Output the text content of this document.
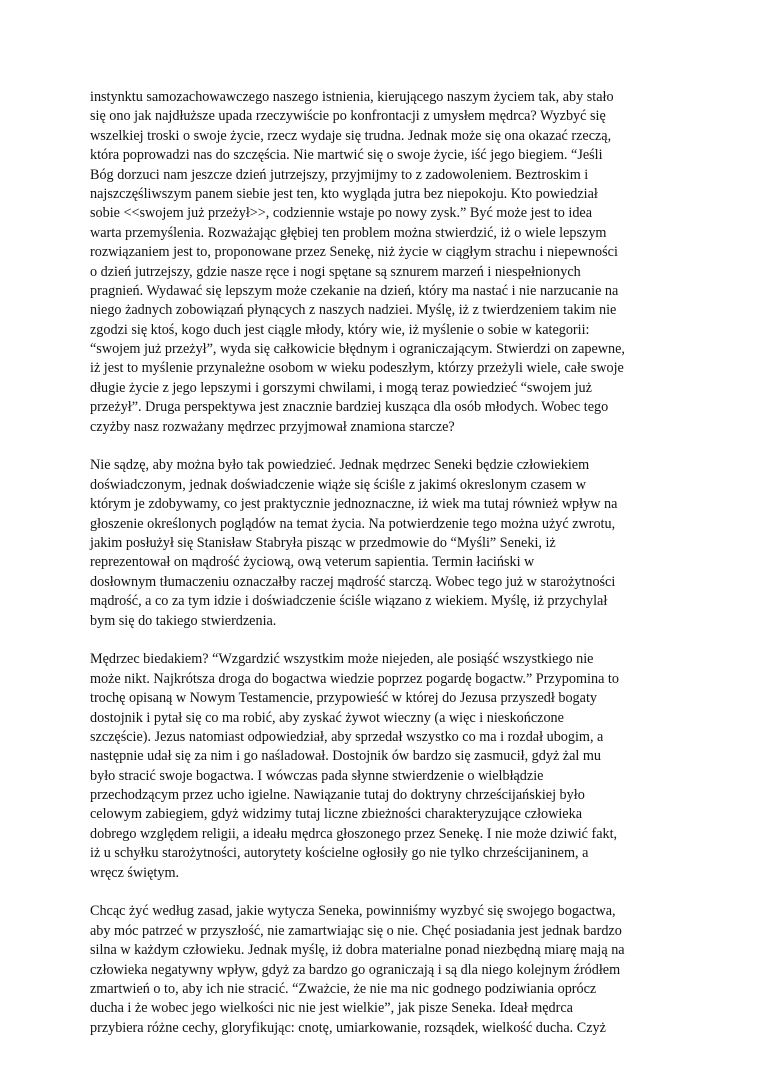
instynktu samozachowawczego naszego istnienia, kierującego naszym życiem tak, aby stało
się ono jak najdłuższe upada rzeczywiście po konfrontacji z umysłem mędrca? Wyzbyć się
wszelkiej troski o swoje życie, rzecz wydaje się trudna. Jednak może się ona okazać rzeczą,
która poprowadzi nas do szczęścia. Nie martwić się o swoje życie, iść jego biegiem. “Jeśli
Bóg dorzuci nam jeszcze dzień jutrzejszy, przyjmijmy to z zadowoleniem. Beztroskim i
najszczęśliwszym panem siebie jest ten, kto wygląda jutra bez niepokoju. Kto powiedział
sobie <<swojem już przeżył>>, codziennie wstaje po nowy zysk.” Być może jest to idea
warta przemyślenia. Rozważając głębiej ten problem można stwierdzić, iż o wiele lepszym
rozwiązaniem jest to, proponowane przez Senekę, niż życie w ciągłym strachu i niepewności
o dzień jutrzejszy, gdzie nasze ręce i nogi spętane są sznurem marzeń i niespełnionych
pragnień. Wydawać się lepszym może czekanie na dzień, który ma nastać i nie narzucanie na
niego żadnych zobowiązań płynących z naszych nadziei. Myślę, iż z twierdzeniem takim nie
zgodzi się ktoś, kogo duch jest ciągle młody, który wie, iż myślenie o sobie w kategorii:
“swojem już przeżył”, wyda się całkowicie błędnym i ograniczającym. Stwierdzi on zapewne,
iż jest to myślenie przynależne osobom w wieku podeszłym, którzy przeżyli wiele, całe swoje
długie życie z jego lepszymi i gorszymi chwilami, i mogą teraz powiedzieć “swojem już
przeżył”. Druga perspektywa jest znacznie bardziej kusząca dla osób młodych. Wobec tego
czyżby nasz rozważany mędrzec przyjmował znamiona starcze?
Nie sądzę, aby można było tak powiedzieć. Jednak mędrzec Seneki będzie człowiekiem
doświadczonym, jednak doświadczenie wiąże się ściśle z jakimś okreslonym czasem w
którym je zdobywamy, co jest praktycznie jednoznaczne, iż wiek ma tutaj również wpływ na
głoszenie określonych poglądów na temat życia. Na potwierdzenie tego można użyć zwrotu,
jakim posłużył się Stanisław Stabryła pisząc w przedmowie do “Myśli” Seneki, iż
reprezentował on mądrość życiową, ową veterum sapientia. Termin łaciński w
dosłownym tłumaczeniu oznaczałby raczej mądrość starczą. Wobec tego już w starożytności
mądrość, a co za tym idzie i doświadczenie ściśle wiązano z wiekiem. Myślę, iż przychylał
bym się do takiego stwierdzenia.
Mędrzec biedakiem? “Wzgardzić wszystkim może niejeden, ale posiąść wszystkiego nie
może nikt. Najkrótsza droga do bogactwa wiedzie poprzez pogardę bogactw.” Przypomina to
trochę opisaną w Nowym Testamencie, przypowieść w której do Jezusa przyszedł bogaty
dostojnik i pytał się co ma robić, aby zyskać żywot wieczny (a więc i nieskończone
szczęście). Jezus natomiast odpowiedział, aby sprzedał wszystko co ma i rozdał ubogim, a
następnie udał się za nim i go naśladował. Dostojnik ów bardzo się zasmucił, gdyż żal mu
było stracić swoje bogactwa. I wówczas pada słynne stwierdzenie o wielbłądzie
przechodzącym przez ucho igielne. Nawiązanie tutaj do doktryny chrześcijańskiej było
celowym zabiegiem, gdyż widzimy tutaj liczne zbieżności charakteryzujące człowieka
dobrego względem religii, a ideału mędrca głoszonego przez Senekę. I nie może dziwić fakt,
iż u schyłku starożytności, autorytety kościelne ogłosiły go nie tylko chrześcijaninem, a
wręcz świętym.
Chcąc żyć według zasad, jakie wytycza Seneka, powinniśmy wyzbyć się swojego bogactwa,
aby móc patrzeć w przyszłość, nie zamartwiając się o nie. Chęć posiadania jest jednak bardzo
silna w każdym człowieku. Jednak myślę, iż dobra materialne ponad niezbędną miarę mają na
człowieka negatywny wpływ, gdyż za bardzo go ograniczają i są dla niego kolejnym źródłem
zmartwień o to, aby ich nie stracić. “Zważcie, że nie ma nic godnego podziwiania oprócz
ducha i że wobec jego wielkości nic nie jest wielkie”, jak pisze Seneka. Ideał mędrca
przybiera różne cechy, gloryfikując: cnotę, umiarkowanie, rozsądek, wielkość ducha. Czyż
